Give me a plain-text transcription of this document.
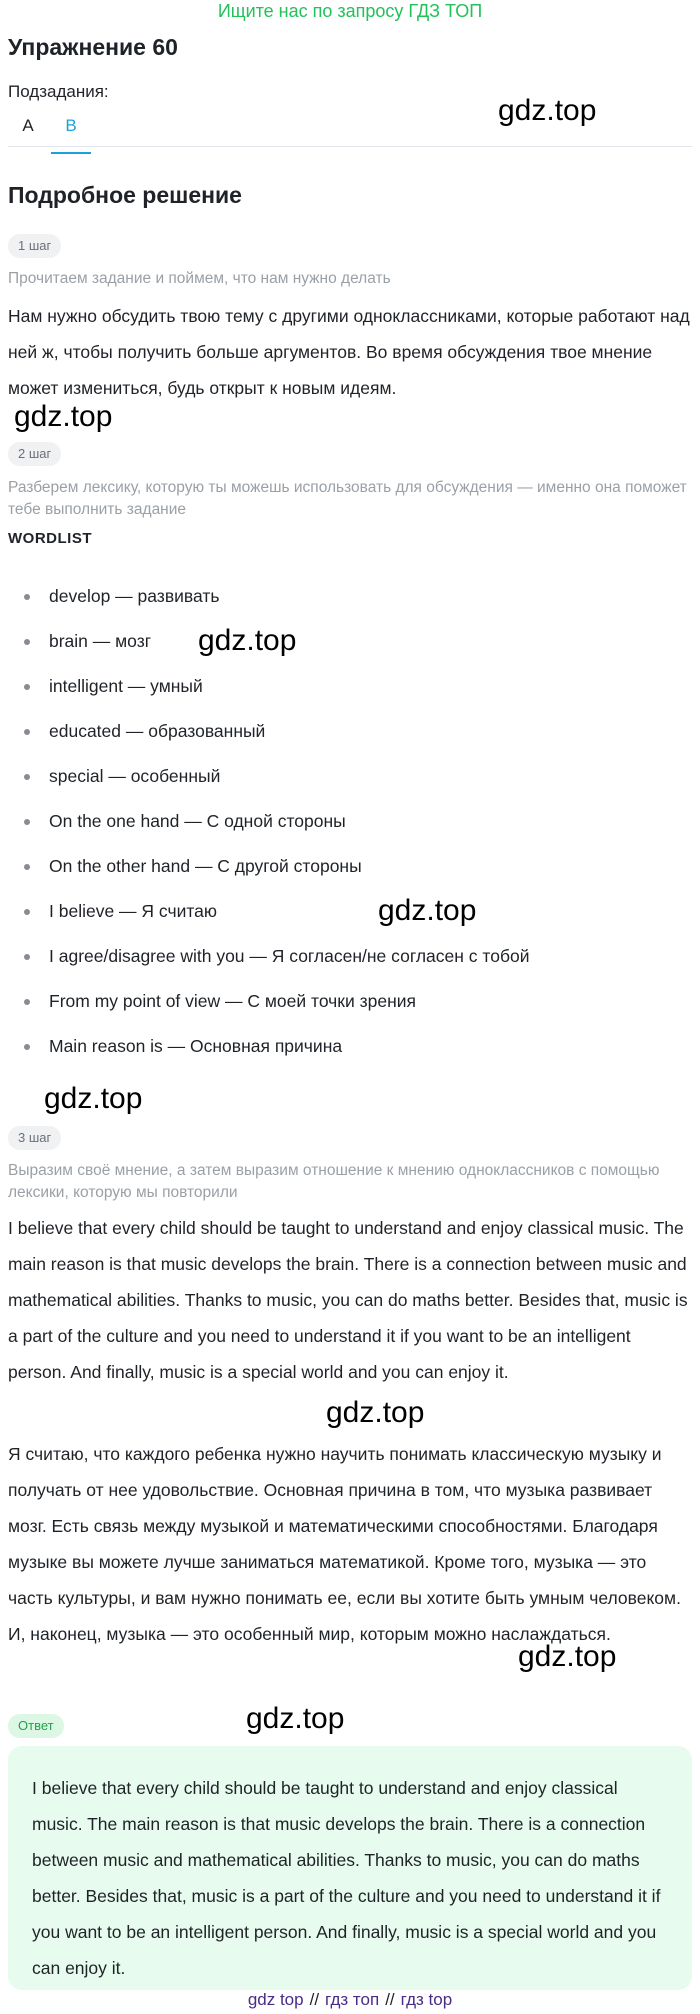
Ищите нас по запросу ГДЗ ТОП
Упражнение 60
Подзадания:
A	B
Подробное решение
1 шаг
Прочитаем задание и поймем, что нам нужно делать
Нам нужно обсудить твою тему с другими одноклассниками, которые работают над ней ж, чтобы получить больше аргументов. Во время обсуждения твое мнение может измениться, будь открыт к новым идеям.
2 шаг
Разберем лексику, которую ты можешь использовать для обсуждения — именно она поможет тебе выполнить задание
WORDLIST
develop — развивать
brain — мозг
intelligent — умный
educated — образованный
special — особенный
On the one hand — С одной стороны
On the other hand — С другой стороны
I believe — Я считаю
I agree/disagree with you — Я согласен/не согласен с тобой
From my point of view — С моей точки зрения
Main reason is — Основная причина
3 шаг
Выразим своё мнение, а затем выразим отношение к мнению одноклассников с помощью лексики, которую мы повторили
I believe that every child should be taught to understand and enjoy classical music. The main reason is that music develops the brain. There is a connection between music and mathematical abilities. Thanks to music, you can do maths better. Besides that, music is a part of the culture and you need to understand it if you want to be an intelligent person. And finally, music is a special world and you can enjoy it.
Я считаю, что каждого ребенка нужно научить понимать классическую музыку и получать от нее удовольствие. Основная причина в том, что музыка развивает мозг. Есть связь между музыкой и математическими способностями. Благодаря музыке вы можете лучше заниматься математикой. Кроме того, музыка — это часть культуры, и вам нужно понимать ее, если вы хотите быть умным человеком. И, наконец, музыка — это особенный мир, которым можно наслаждаться.
Ответ
I believe that every child should be taught to understand and enjoy classical music. The main reason is that music develops the brain. There is a connection between music and mathematical abilities. Thanks to music, you can do maths better. Besides that, music is a part of the culture and you need to understand it if you want to be an intelligent person. And finally, music is a special world and you can enjoy it.
gdz.top
gdz.top
gdz.top
gdz.top
gdz.top
gdz.top
gdz.top
gdz.top
gdz top // гдз топ // гдз top
